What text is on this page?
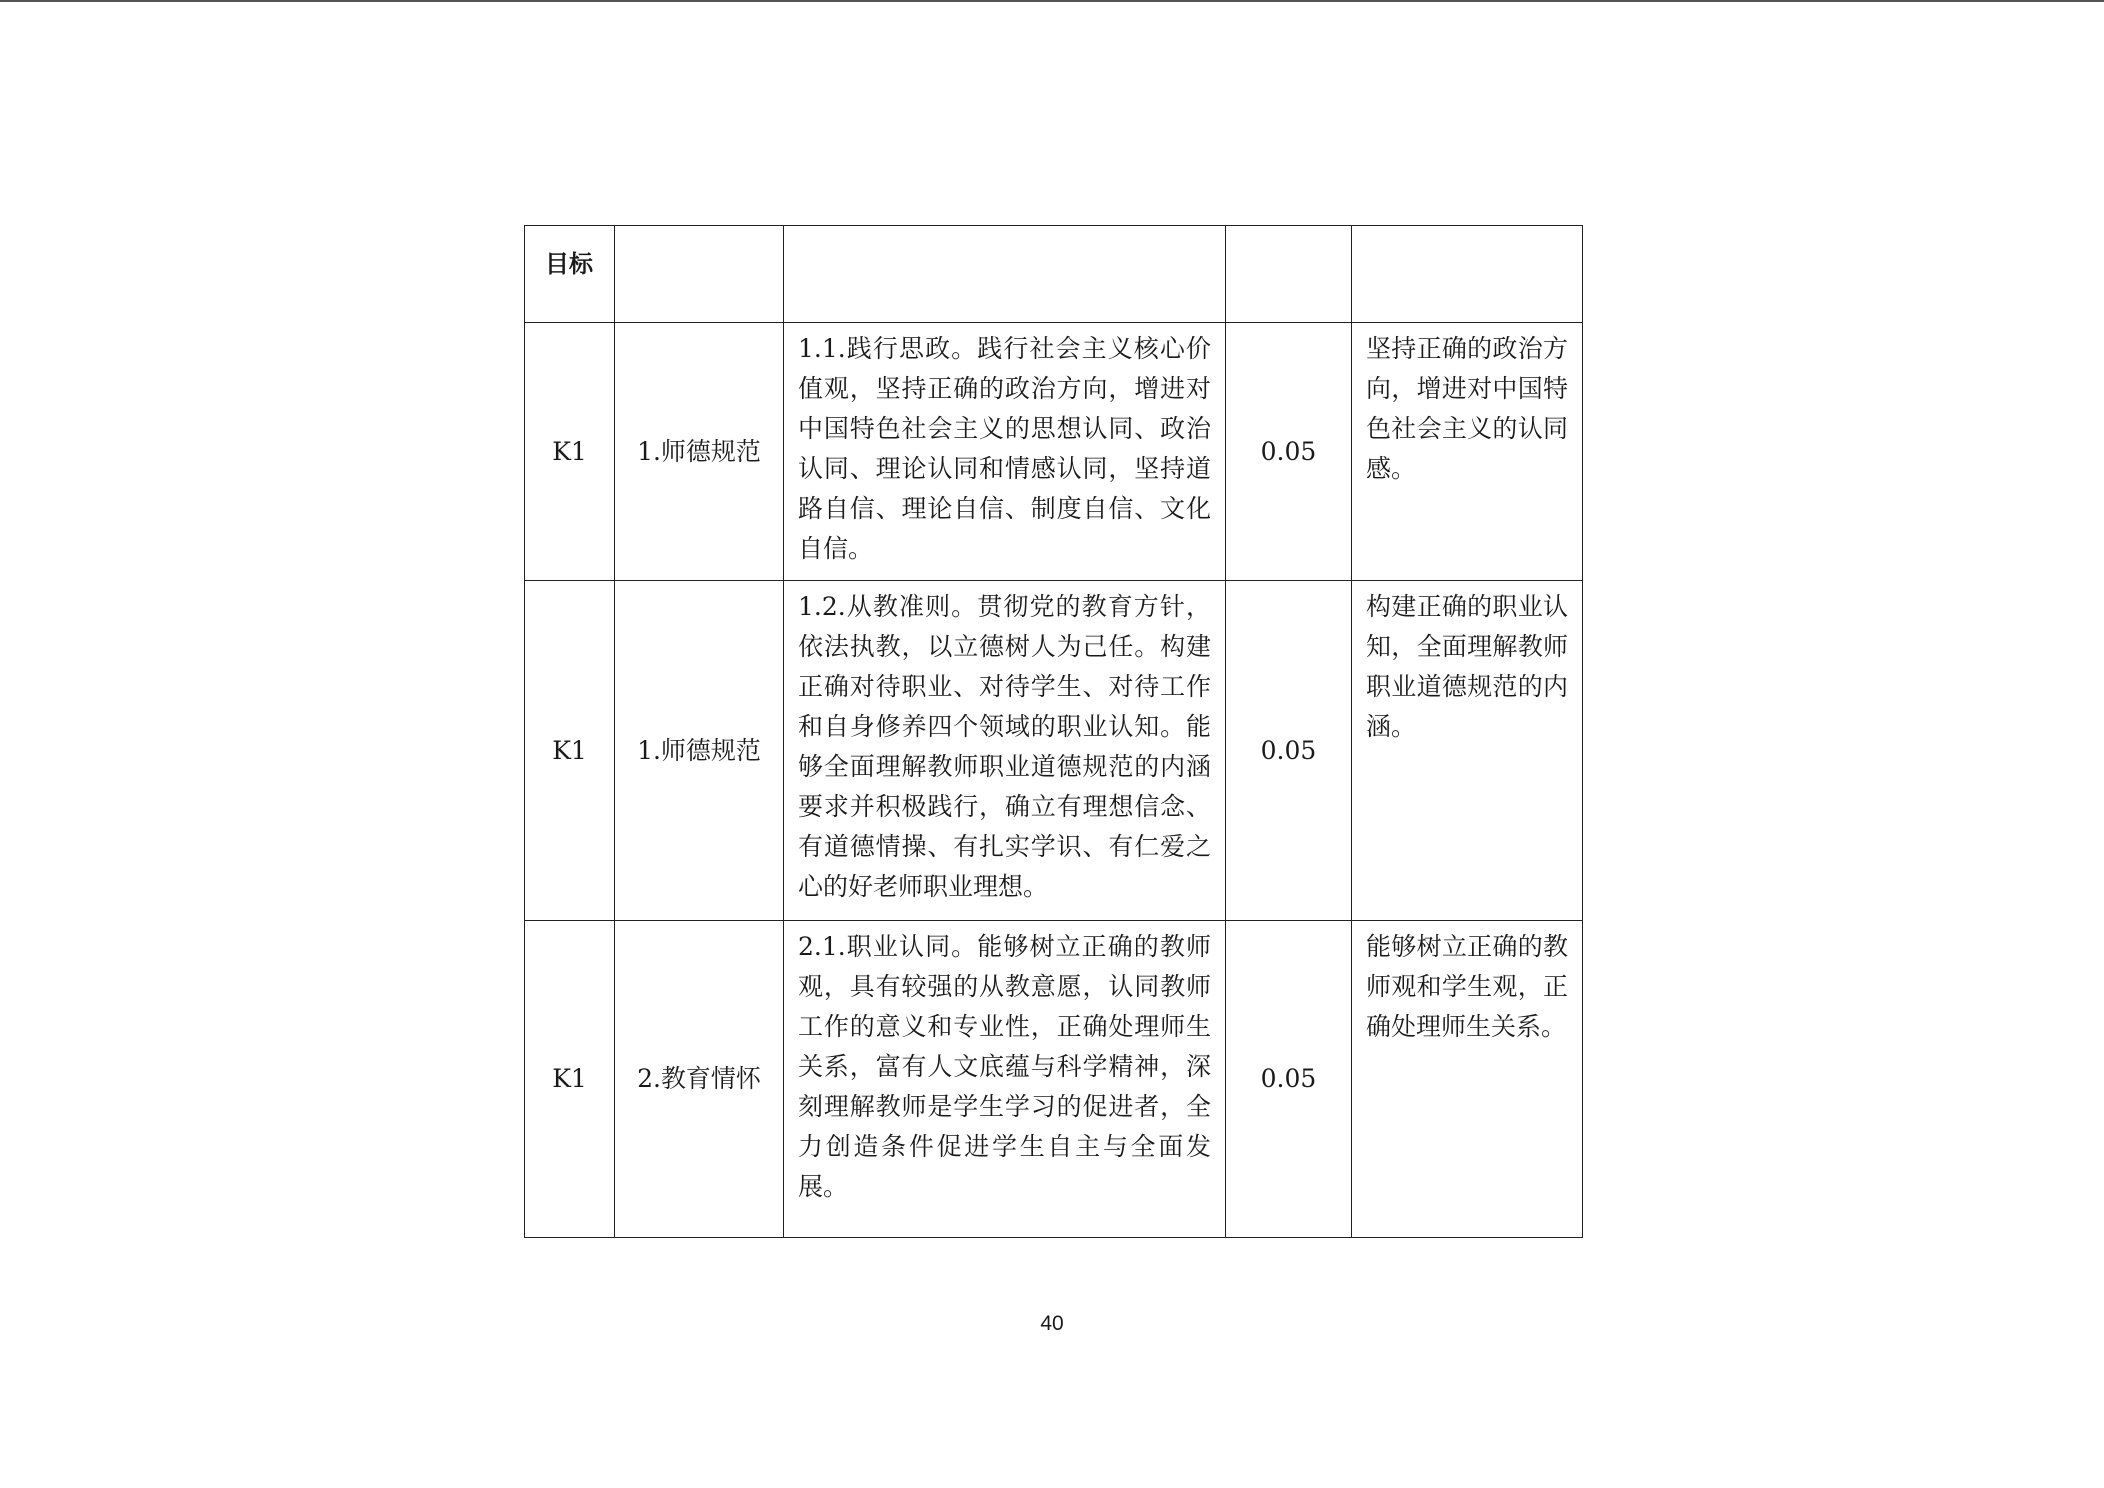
目标				
K1	1.师德规范	1.1.践行思政。践行社会主义核心价值观，坚持正确的政治方向，增进对中国特色社会主义的思想认同、政治认同、理论认同和情感认同，坚持道路自信、理论自信、制度自信、文化自信。	0.05	坚持正确的政治方向，增进对中国特色社会主义的认同感。
K1	1.师德规范	1.2.从教准则。贯彻党的教育方针，依法执教，以立德树人为己任。构建正确对待职业、对待学生、对待工作和自身修养四个领域的职业认知。能够全面理解教师职业道德规范的内涵要求并积极践行，确立有理想信念、有道德情操、有扎实学识、有仁爱之心的好老师职业理想。	0.05	构建正确的职业认知，全面理解教师职业道德规范的内涵。
K1	2.教育情怀	2.1.职业认同。能够树立正确的教师观，具有较强的从教意愿，认同教师工作的意义和专业性，正确处理师生关系，富有人文底蕴与科学精神，深刻理解教师是学生学习的促进者，全力创造条件促进学生自主与全面发展。	0.05	能够树立正确的教师观和学生观，正确处理师生关系。
40
